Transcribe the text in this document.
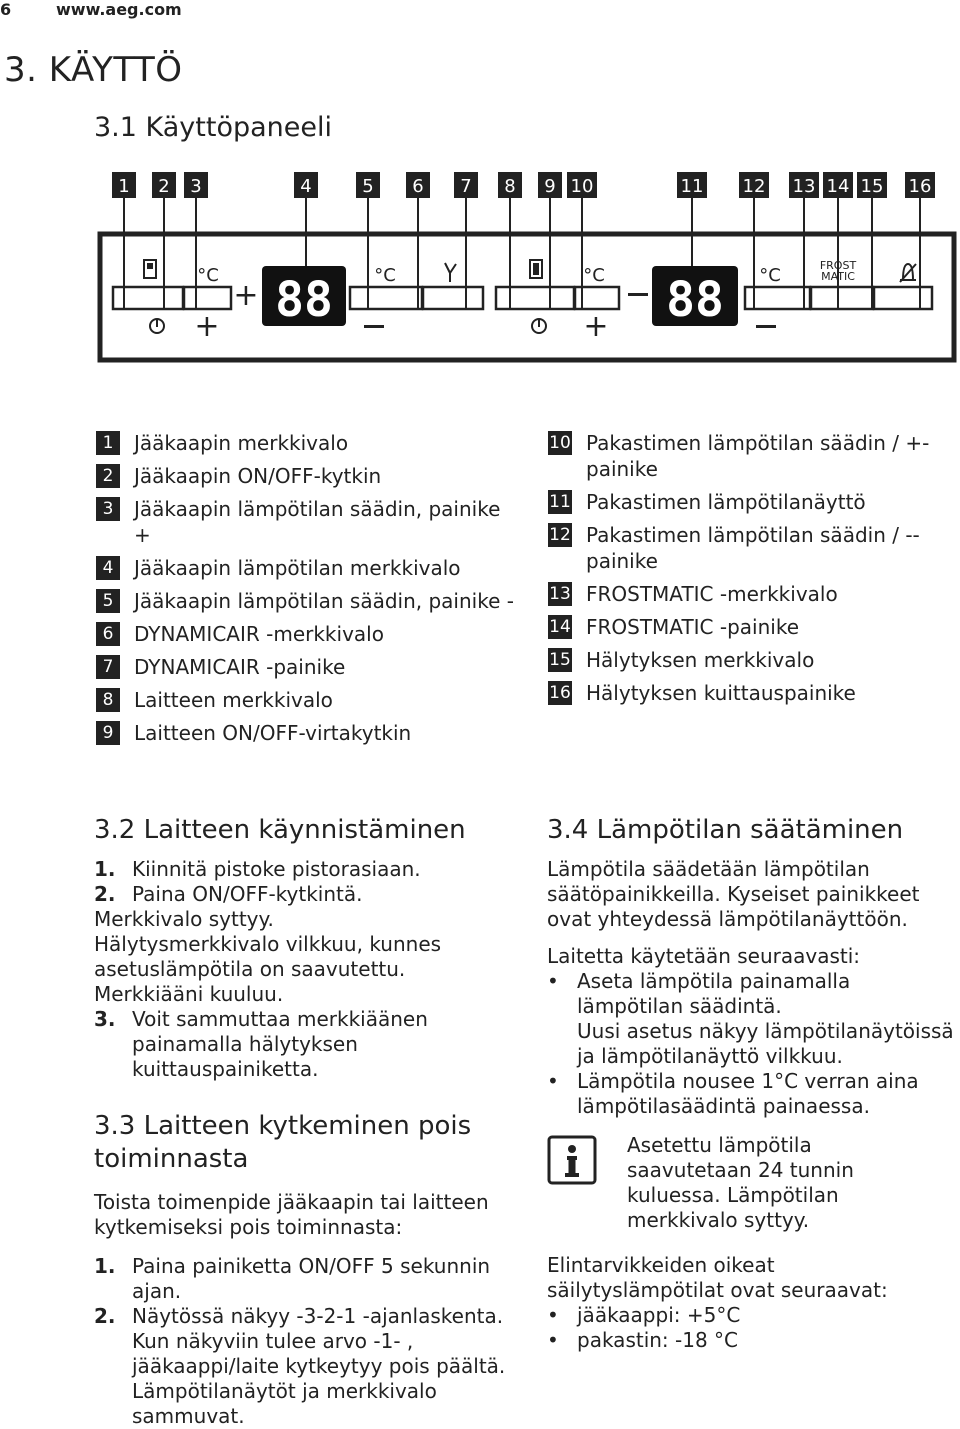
6	www.aeg.com
3. KÄYTTÖ
3.1 Käyttöpaneeli
1 2 3	4	5 6 7 8 9 10	11 12 13 14 15 16
88
+	88
°C	°C	°C	°C	FROST
MATIC
+	+
1	Jääkaapin merkkivalo
2	Jääkaapin ON/OFF-kytkin
3	Jääkaapin lämpötilan säädin, painike +
4	Jääkaapin lämpötilan merkkivalo
5	Jääkaapin lämpötilan säädin, painike -
6	DYNAMICAIR -merkkivalo
7	DYNAMICAIR -painike
8	Laitteen merkkivalo
9	Laitteen ON/OFF-virtakytkin
10 Pakastimen lämpötilan säädin / +-painike
11 Pakastimen lämpötilanäyttö
12 Pakastimen lämpötilan säädin / --painike
13 FROSTMATIC -merkkivalo
14 FROSTMATIC -painike
15 Hälytyksen merkkivalo
16 Hälytyksen kuittauspainike
3.2 Laitteen käynnistäminen
1. Kiinnitä pistoke pistorasiaan.
2. Paina ON/OFF-kytkintä.
Merkkivalo syttyy.
Hälytysmerkkivalo vilkkuu, kunnes asetuslämpötila on saavutettu.
Merkkiääni kuuluu.
3. Voit sammuttaa merkkiäänen painamalla hälytyksen kuittauspainiketta.
3.3 Laitteen kytkeminen pois toiminnasta
Toista toimenpide jääkaapin tai laitteen kytkemiseksi pois toiminnasta:
1. Paina painiketta ON/OFF 5 sekunnin ajan.
2. Näytössä näkyy -3-2-1 -ajanlaskenta. Kun näkyviin tulee arvo -1- , jääkaappi/laite kytkeytyy pois päältä. Lämpötilanäytöt ja merkkivalo sammuvat.
3.4 Lämpötilan säätäminen
Lämpötila säädetään lämpötilan säätöpainikkeilla. Kyseiset painikkeet ovat yhteydessä lämpötilanäyttöön.
Laitetta käytetään seuraavasti:
• Aseta lämpötila painamalla lämpötilan säädintä.
Uusi asetus näkyy lämpötilanäytöissä ja lämpötilanäyttö vilkkuu.
• Lämpötila nousee 1°C verran aina lämpötilasäädintä painaessa.
Asetettu lämpötila saavutetaan 24 tunnin kuluessa. Lämpötilan merkkivalo syttyy.
Elintarvikkeiden oikeat säilytyslämpötilat ovat seuraavat:
• jääkaappi: +5°C
• pakastin: -18 °C
